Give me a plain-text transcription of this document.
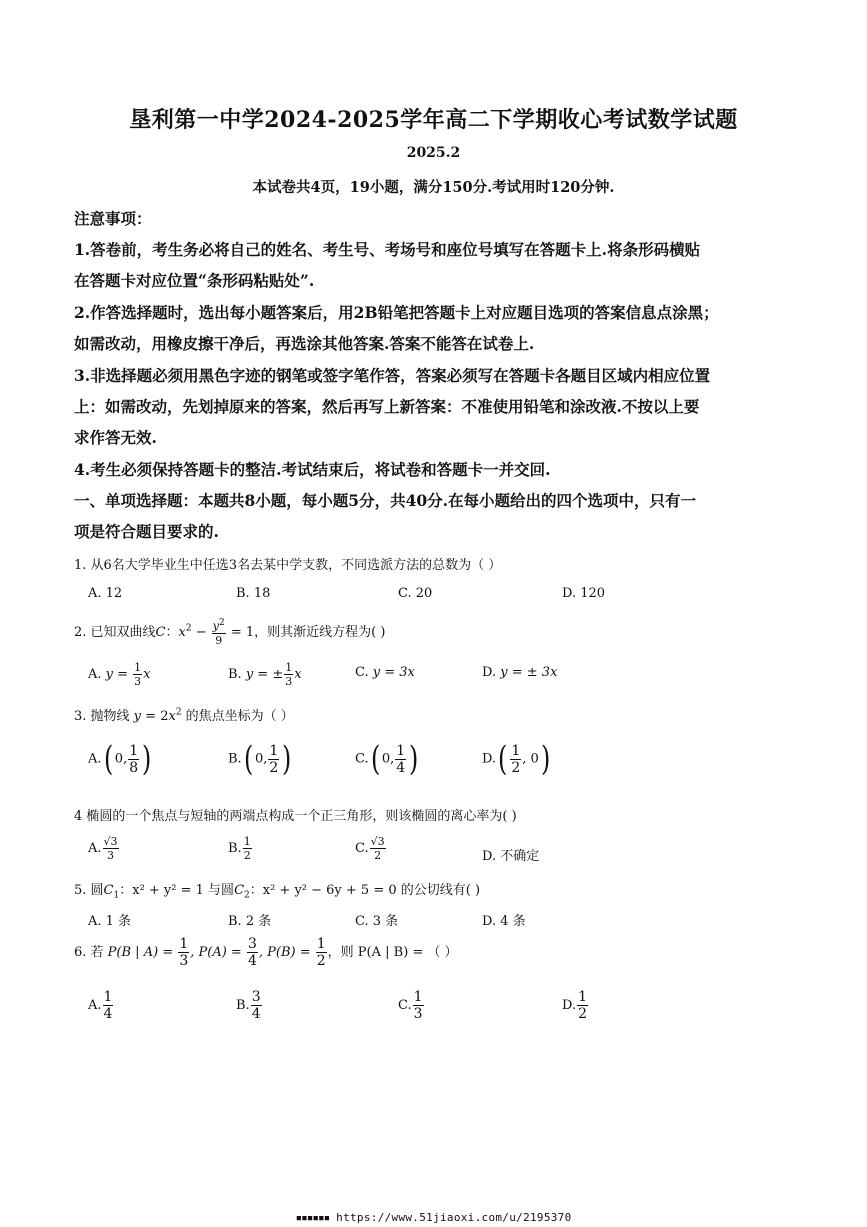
垦利第一中学2024-2025学年高二下学期收心考试数学试题
2025.2
本试卷共4页，19小题，满分150分.考试用时120分钟.
注意事项：
1.答卷前，考生务必将自己的姓名、考生号、考场号和座位号填写在答题卡上.将条形码横贴
在答题卡对应位置“条形码粘贴处”.
2.作答选择题时，选出每小题答案后，用2B铅笔把答题卡上对应题目选项的答案信息点涂黑；
如需改动，用橡皮擦干净后，再选涂其他答案.答案不能答在试卷上.
3.非选择题必须用黑色字迹的钢笔或签字笔作答，答案必须写在答题卡各题目区域内相应位置
上：如需改动，先划掉原来的答案，然后再写上新答案：不准使用铅笔和涂改液.不按以上要
求作答无效.
4.考生必须保持答题卡的整洁.考试结束后，将试卷和答题卡一并交回.
一、单项选择题：本题共8小题，每小题5分，共40分.在每小题给出的四个选项中，只有一
项是符合题目要求的.
1. 从6名大学毕业生中任选3名去某中学支教，不同选派方法的总数为（ ）
A. 12	B. 18	C. 20	D. 120
2. 已知双曲线C：$x^2 - \frac{y^2}{9} = 1$，则其渐近线方程为( )
A. $y = \frac{1}{3}$ x	B. y = ± $\frac{1}{3}$ x	C. y = 3x	D. y = ± 3x
3. 抛物线 $y = 2x^2$ 的焦点坐标为（ ）
A.( 0, $\frac{1}{8}$ )	B.( 0, $\frac{1}{2}$ )	C.( 0, $\frac{1}{4}$ )	$D.( \frac{1}{2}$ , 0)
4 椭圆的一个焦点与短轴的两端点构成一个正三角形，则该椭圆的离心率为( )
A. $\frac{√3}{3}$	B. $\frac{1}{2}$	C. $\frac{√3}{2}$	D. 不确定
5. 圆$C_1$：x² + y² = 1 与圆$C_2$：x² + y² − 6y + 5 = 0 的公切线有( )
A. 1 条	B. 2 条	C. 3 条	D. 4 条
6. 若 P(B | $A) = \frac{1}{3}$ , $P(A) = \frac{3}{4}$ , $P(B) = \frac{1}{2}$ ，则 P(A | B) = （ ）
A. $\frac{1}{4}$	B. $\frac{3}{4}$	C. $\frac{1}{3}$	D. $\frac{1}{2}$
▪▪▪▪▪▪ https://www.51jiaoxi.com/u/2195370
